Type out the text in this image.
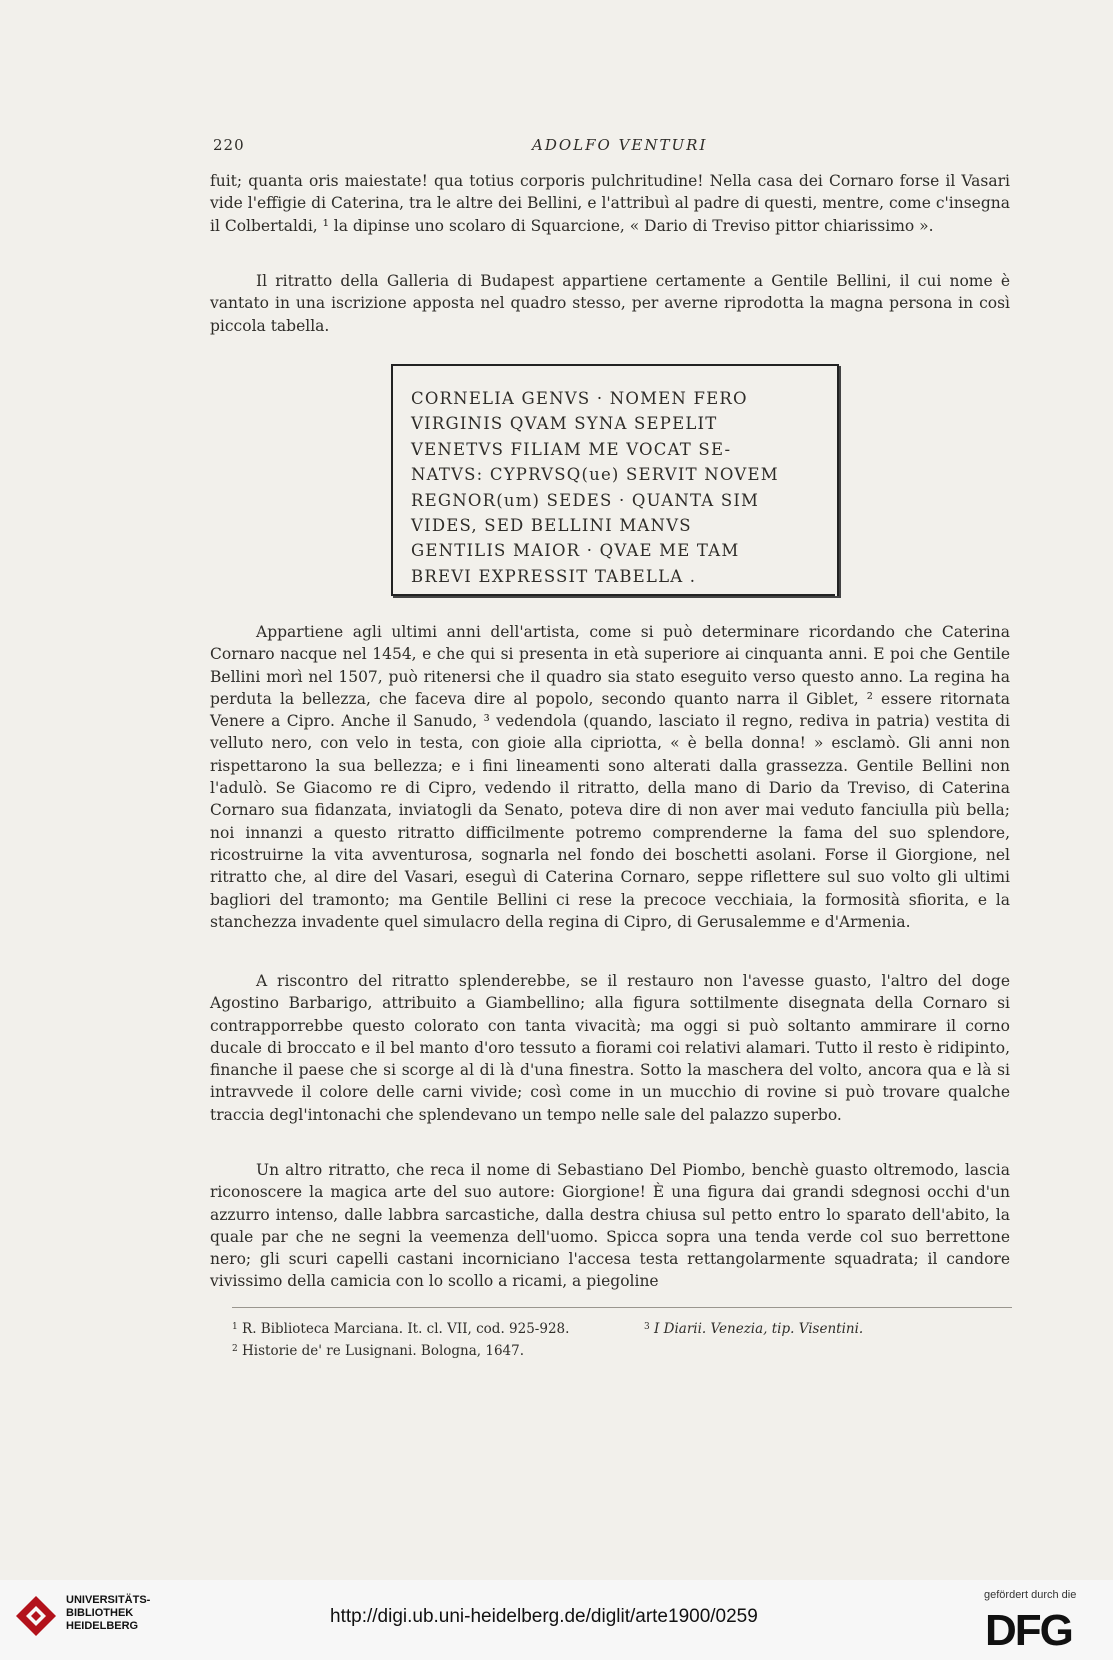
220	ADOLFO VENTURI

fuit; quanta oris maiestate! qua totius corporis pulchritudine! Nella casa dei Cornaro forse il Vasari vide l'effigie di Caterina, tra le altre dei Bellini, e l'attribuì al padre di questi, mentre, come c'insegna il Colbertaldi, ¹ la dipinse uno scolaro di Squarcione, « Dario di Treviso pittor chiarissimo ».

Il ritratto della Galleria di Budapest appartiene certamente a Gentile Bellini, il cui nome è vantato in una iscrizione apposta nel quadro stesso, per averne riprodotta la magna persona in così piccola tabella.

CORNELIA GENVS · NOMEN FERO
VIRGINIS QVAM SYNA SEPELIT
VENETVS FILIAM ME VOCAT SE-
NATVS: CYPRVSQ(ue) SERVIT NOVEM
REGNOR(um) SEDES · QUANTA SIM
VIDES, SED BELLINI MANVS
GENTILIS MAIOR · QVAE ME TAM
BREVI EXPRESSIT TABELLA .

Appartiene agli ultimi anni dell'artista, come si può determinare ricordando che Caterina Cornaro nacque nel 1454, e che qui si presenta in età superiore ai cinquanta anni. E poi che Gentile Bellini morì nel 1507, può ritenersi che il quadro sia stato eseguito verso questo anno. La regina ha perduta la bellezza, che faceva dire al popolo, secondo quanto narra il Giblet, ² essere ritornata Venere a Cipro. Anche il Sanudo, ³ vedendola (quando, lasciato il regno, rediva in patria) vestita di velluto nero, con velo in testa, con gioie alla cipriotta, « è bella donna! » esclamò. Gli anni non rispettarono la sua bellezza; e i fini lineamenti sono alterati dalla grassezza. Gentile Bellini non l'adulò. Se Giacomo re di Cipro, vedendo il ritratto, della mano di Dario da Treviso, di Caterina Cornaro sua fidanzata, inviatogli da Senato, poteva dire di non aver mai veduto fanciulla più bella; noi innanzi a questo ritratto difficilmente potremo comprenderne la fama del suo splendore, ricostruirne la vita avventurosa, sognarla nel fondo dei boschetti asolani. Forse il Giorgione, nel ritratto che, al dire del Vasari, eseguì di Caterina Cornaro, seppe riflettere sul suo volto gli ultimi bagliori del tramonto; ma Gentile Bellini ci rese la precoce vecchiaia, la formosità sfiorita, e la stanchezza invadente quel simulacro della regina di Cipro, di Gerusalemme e d'Armenia.

A riscontro del ritratto splenderebbe, se il restauro non l'avesse guasto, l'altro del doge Agostino Barbarigo, attribuito a Giambellino; alla figura sottilmente disegnata della Cornaro si contrapporrebbe questo colorato con tanta vivacità; ma oggi si può soltanto ammirare il corno ducale di broccato e il bel manto d'oro tessuto a fiorami coi relativi alamari. Tutto il resto è ridipinto, finanche il paese che si scorge al di là d'una finestra. Sotto la maschera del volto, ancora qua e là si intravvede il colore delle carni vivide; così come in un mucchio di rovine si può trovare qualche traccia degl'intonachi che splendevano un tempo nelle sale del palazzo superbo.

Un altro ritratto, che reca il nome di Sebastiano Del Piombo, benchè guasto oltremodo, lascia riconoscere la magica arte del suo autore: Giorgione! È una figura dai grandi sdegnosi occhi d'un azzurro intenso, dalle labbra sarcastiche, dalla destra chiusa sul petto entro lo sparato dell'abito, la quale par che ne segni la veemenza dell'uomo. Spicca sopra una tenda verde col suo berrettone nero; gli scuri capelli castani incorniciano l'accesa testa rettangolarmente squadrata; il candore vivissimo della camicia con lo scollo a ricami, a piegoline

$^1$ R. Biblioteca Marciana. It. cl. VII, cod. 925-928.	$^3$ I Diarii. Venezia, tip. Visentini.
$^2$ Historie de' re Lusignani. Bologna, 1647.
UNIVERSITÄTS-
BIBLIOTHEK
HEIDELBERG	http://digi.ub.uni-heidelberg.de/diglit/arte1900/0259
gefördert durch die
DFG
